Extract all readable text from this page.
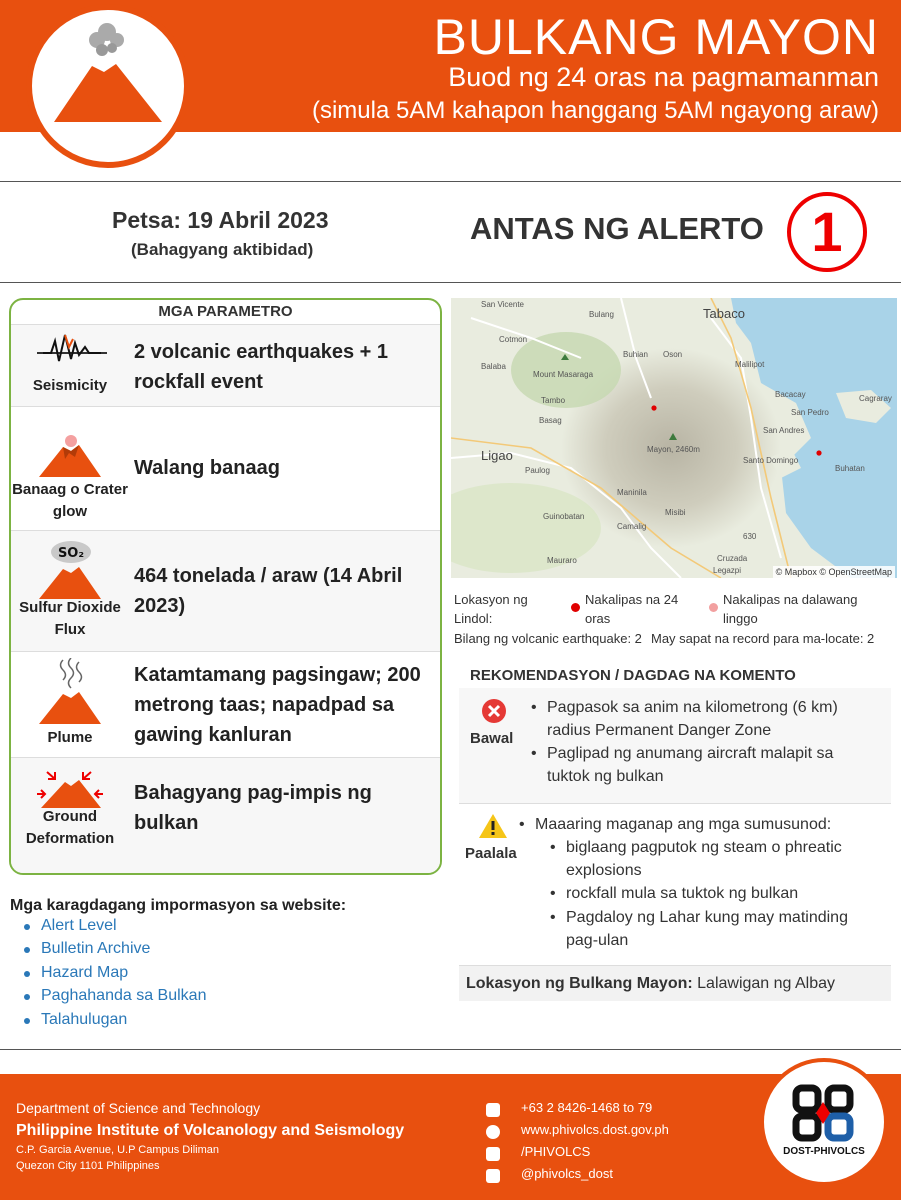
BULKANG MAYON
Buod ng 24 oras na pagmamanman
(simula 5AM kahapon hanggang 5AM ngayong araw)
Petsa: 19 Abril 2023
(Bahagyang aktibidad)
ANTAS NG ALERTO 1
MGA PARAMETRO
Seismicity
2 volcanic earthquakes + 1 rockfall event
Banaag o Crater glow
Walang banaag
SO₂
Sulfur Dioxide Flux
464 tonelada / araw (14 Abril 2023)
Plume
Katamtamang pagsingaw; 200 metrong taas; napadpad sa gawing kanluran
Ground Deformation
Bahagyang pag-impis ng bulkan
San Vicente
Bulang	Tabaco
Cotmon
Malilipot
Buhian Oson
Balaba
Mount Masaraga
Bacacay
Tambo
San Pedro
Basag
Cagraray
San Andres
Ligao	Mayon, 2460m
Santo Domingo
Paulog	Buhatan
Maninila
Guinobatan	Misibi
Camalig
Mauraro	Cruzada
Legazpi
630
© Mapbox © OpenStreetMap
Lokasyon ng Lindol:
Nakalipas na 24 oras
Nakalipas na dalawang linggo
Bilang ng volcanic earthquake: 2 May sapat na record para ma-locate: 2
REKOMENDASYON / DAGDAG NA KOMENTO
Bawal
• Pagpasok sa anim na kilometrong (6 km) radius Permanent Danger Zone
• Paglipad ng anumang aircraft malapit sa tuktok ng bulkan
Paalala
• Maaaring maganap ang mga sumusunod:
• biglaang pagputok ng steam o phreatic explosions
• rockfall mula sa tuktok ng bulkan
• Pagdaloy ng Lahar kung may matinding pag-ulan
Lokasyon ng Bulkang Mayon: Lalawigan ng Albay
Mga karagdagang impormasyon sa website:
Alert Level
Bulletin Archive
Hazard Map
Paghahanda sa Bulkan
Talahulugan
Department of Science and Technology
Philippine Institute of Volcanology and Seismology
C.P. Garcia Avenue, U.P Campus Diliman
Quezon City 1101 Philippines
+63 2 8426-1468 to 79
www.phivolcs.dost.gov.ph
/PHIVOLCS
@phivolcs_dost
DOST-PHIVOLCS
